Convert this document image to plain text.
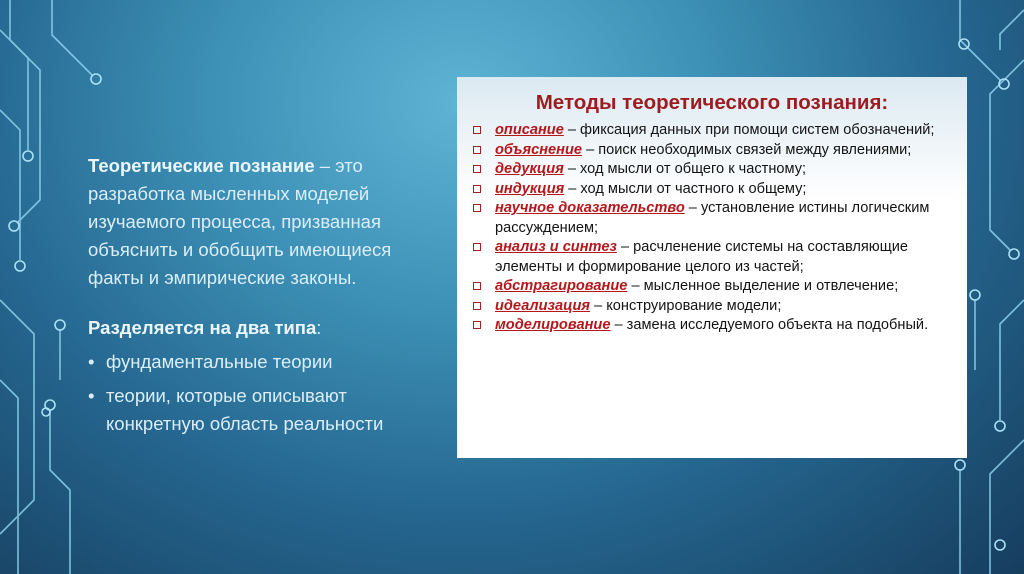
Теоретические познание – это разработка мысленных моделей изучаемого процесса, призванная объяснить и обобщить имеющиеся факты и эмпирические законы.

Разделяется на два типа:

• фундаментальные теории
• теории, которые описывают конкретную область реальности
Методы теоретического познания:
описание – фиксация данных при помощи систем обозначений;
объяснение – поиск необходимых связей между явлениями;
дедукция – ход мысли от общего к частному;
индукция – ход мысли от частного к общему;
научное доказательство – установление истины логическим рассуждением;
анализ и синтез – расчленение системы на составляющие элементы и формирование целого из частей;
абстрагирование – мысленное выделение и отвлечение;
идеализация – конструирование модели;
моделирование – замена исследуемого объекта на подобный.
